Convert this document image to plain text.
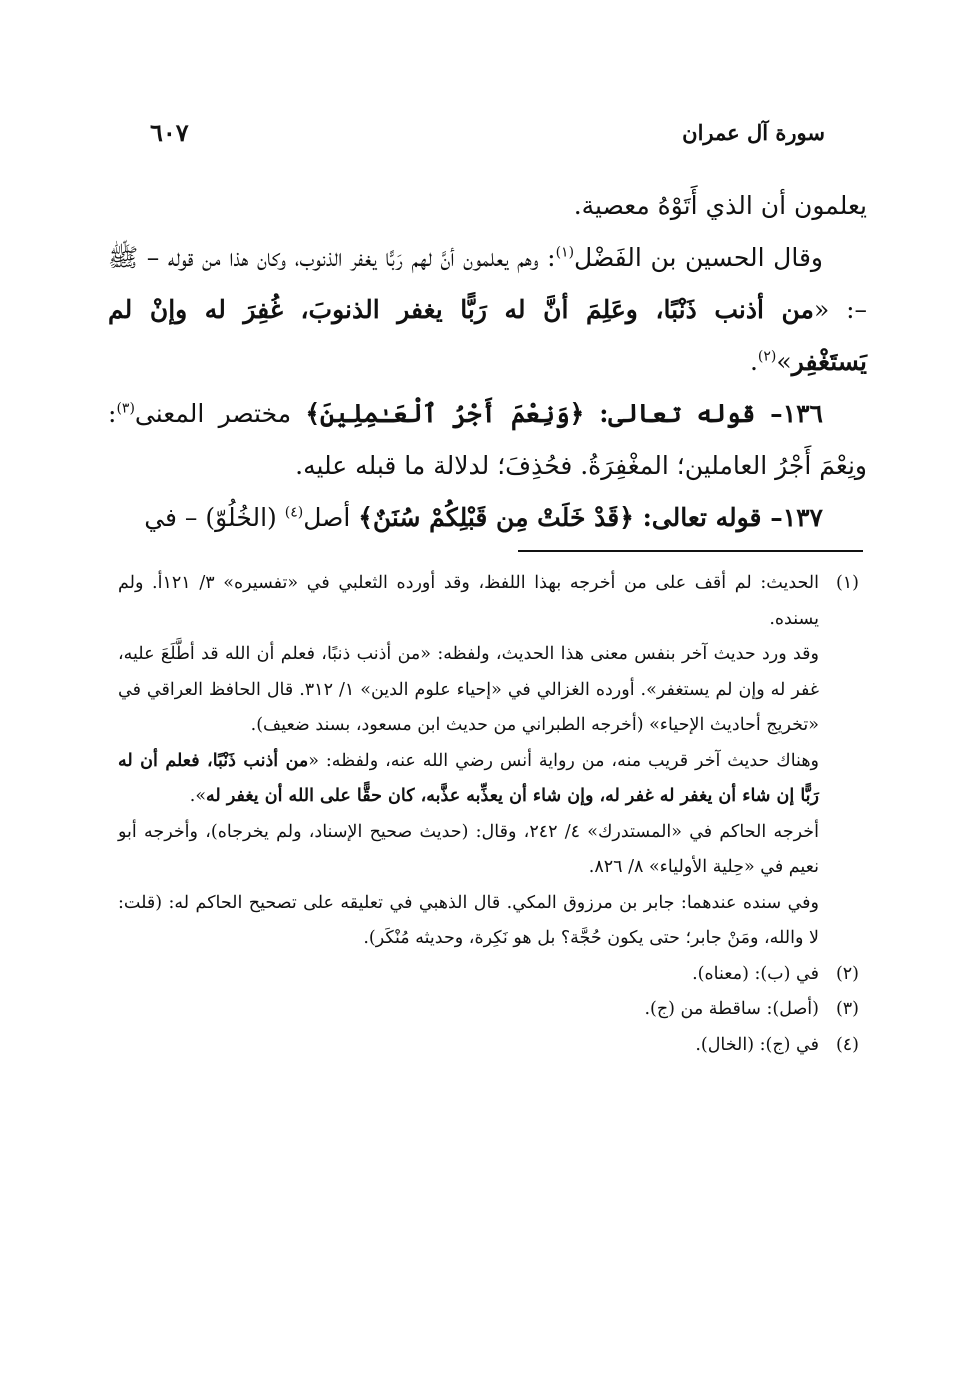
سورة آل عمران
٦٠٧

يعلمون أن الذي أَتَوْهُ معصية.

وقال الحسين بن الفَضْل$^{(١)}$: وهم يعلمون أنَّ لهم رَبًّا يغفر الذنوب، وكان هذا من قوله – ﷺ –: «من أذنب ذَنْبًا، وعَلِمَ أنَّ له رَبًّا يغفر الذنوبَ، غُفِرَ له وإنْ لم يَستَغْفِر»$^{(٢)}$.

١٣٦– قوله تعالى: ﴿وَنِعْمَ أَجْرُ ٱلْعَـٰمِلِينَ﴾ مختصر المعنى$^{(٣)}$: ونِعْمَ أَجْرُ العاملين؛ المغْفِرَةُ. فحُذِفَ؛ لدلالة ما قبله عليه.

١٣٧– قوله تعالى: ﴿قَدْ خَلَتْ مِن قَبْلِكُمْ سُنَنٌ﴾ أصل$^{(٤)}$ (الخُلُوّ) – في

(١)

الحديث: لم أقف على من أخرجه بهذا اللفظ، وقد أورده الثعلبي في «تفسيره» ٣/ ١٢١أ. ولم يسنده.

وقد ورد حديث آخر بنفس معنى هذا الحديث، ولفظه: «من أذنب ذنبًا، فعلم أن الله قد أطَّلَعَ عليه، غفر له وإن لم يستغفر». أورده الغزالي في «إحياء علوم الدين» ١/ ٣١٢. قال الحافظ العراقي في «تخريج أحاديث الإحياء» (أخرجه الطبراني من حديث ابن مسعود، بسند ضعيف).

وهناك حديث آخر قريب منه، من رواية أنس رضي الله عنه، ولفظه: «من أذنب ذَنْبًا، فعلم أن له رَبًّا إن شاء أن يغفر له غفر له، وإن شاء أن يعذِّبه عذَّبه، كان حقًّا على الله أن يغفر له».

أخرجه الحاكم في «المستدرك» ٤/ ٢٤٢، وقال: (حديث صحيح الإسناد، ولم يخرجاه)، وأخرجه أبو نعيم في «حِلية الأولياء» ٨/ ٨٢٦.

وفي سنده عندهما: جابر بن مرزوق المكي. قال الذهبي في تعليقه على تصحيح الحاكم له: (قلت: لا والله، ومَنْ جابر؛ حتى يكون حُجَّة؟ بل هو نَكِرة، وحديثه مُنْكَر).

(٢)

في (ب): (معناه).

(٣)

(أصل): ساقطة من (ج).

(٤)

في (ج): (الخال).
